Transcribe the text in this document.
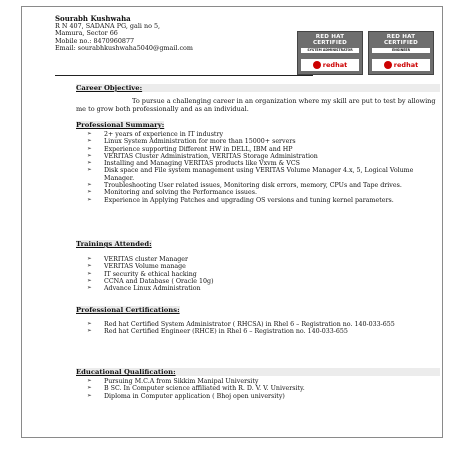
Sourabh Kushwaha
R N 407, SADANA PG, gali no 5,
Mamura, Sector 66
Mobile no.: 8470960877
Email: sourabhkushwaha5040@gmail.com
RED HAT
CERTIFIED
SYSTEM ADMINISTRATOR
redhat
RED HAT
CERTIFIED
ENGINEER
redhat
Career Objective:
To pursue a challenging career in an organization where my skill are put to test by allowing me to grow both professionally and as an individual.
Professional Summary:
➢ 2+ years of experience in IT industry
➢ Linux System Administration for more than 15000+ servers
➢ Experience supporting Different HW in DELL, IBM and HP
➢ VERITAS Cluster Administration, VERITAS Storage Administration
➢ Installing and Managing VERITAS products like Vxvm & VCS
➢ Disk space and File system management using VERITAS Volume Manager 4.x, 5, Logical Volume Manager.
➢ Troubleshooting User related issues, Monitoring disk errors, memory, CPUs and Tape drives.
➢ Monitoring and solving the Performance issues.
➢ Experience in Applying Patches and upgrading OS versions and tuning kernel parameters.
Trainings Attended:
➢ VERITAS cluster Manager
➢ VERITAS Volume manage
➢ IT security & ethical hacking
➢ CCNA and Database ( Oracle 10g)
➢ Advance Linux Administration
Professional Certifications:
➢ Red hat Certified System Administrator ( RHCSA) in Rhel 6 – Registration no. 140-033-655
➢ Red hat Certified Engineer (RHCE) in Rhel 6 – Registration no. 140-033-655
Educational Qualification:
➢ Pursuing M.C.A from Sikkim Manipal University
➢ B SC. In Computer science affiliated with R. D. V. V. University.
➢ Diploma in Computer application ( Bhoj open university)
